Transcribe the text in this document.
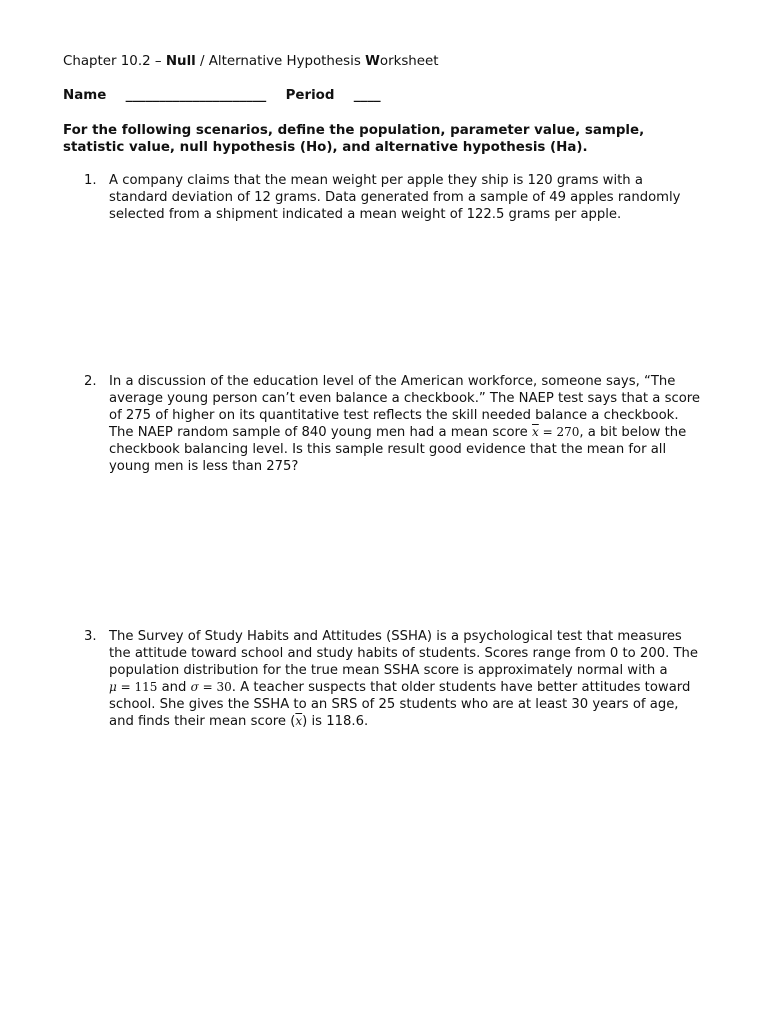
Chapter 10.2 – Null / Alternative Hypothesis Worksheet
Name _____________________ Period ____
For the following scenarios, define the population, parameter value, sample, statistic value, null hypothesis (Ho), and alternative hypothesis (Ha).
1. A company claims that the mean weight per apple they ship is 120 grams with a standard deviation of 12 grams. Data generated from a sample of 49 apples randomly selected from a shipment indicated a mean weight of 122.5 grams per apple.
2. In a discussion of the education level of the American workforce, someone says, “The average young person can’t even balance a checkbook.” The NAEP test says that a score of 275 of higher on its quantitative test reflects the skill needed balance a checkbook. The NAEP random sample of 840 young men had a mean score $\overline{x} = 270$, a bit below the checkbook balancing level. Is this sample result good evidence that the mean for all young men is less than 275?
3. The Survey of Study Habits and Attitudes (SSHA) is a psychological test that measures the attitude toward school and study habits of students. Scores range from 0 to 200. The population distribution for the true mean SSHA score is approximately normal with a μ = 115 and σ = 30. A teacher suspects that older students have better attitudes toward school. She gives the SSHA to an SRS of 25 students who are at least 30 years of age, and finds their mean score $(\overline{x})$ is 118.6.
